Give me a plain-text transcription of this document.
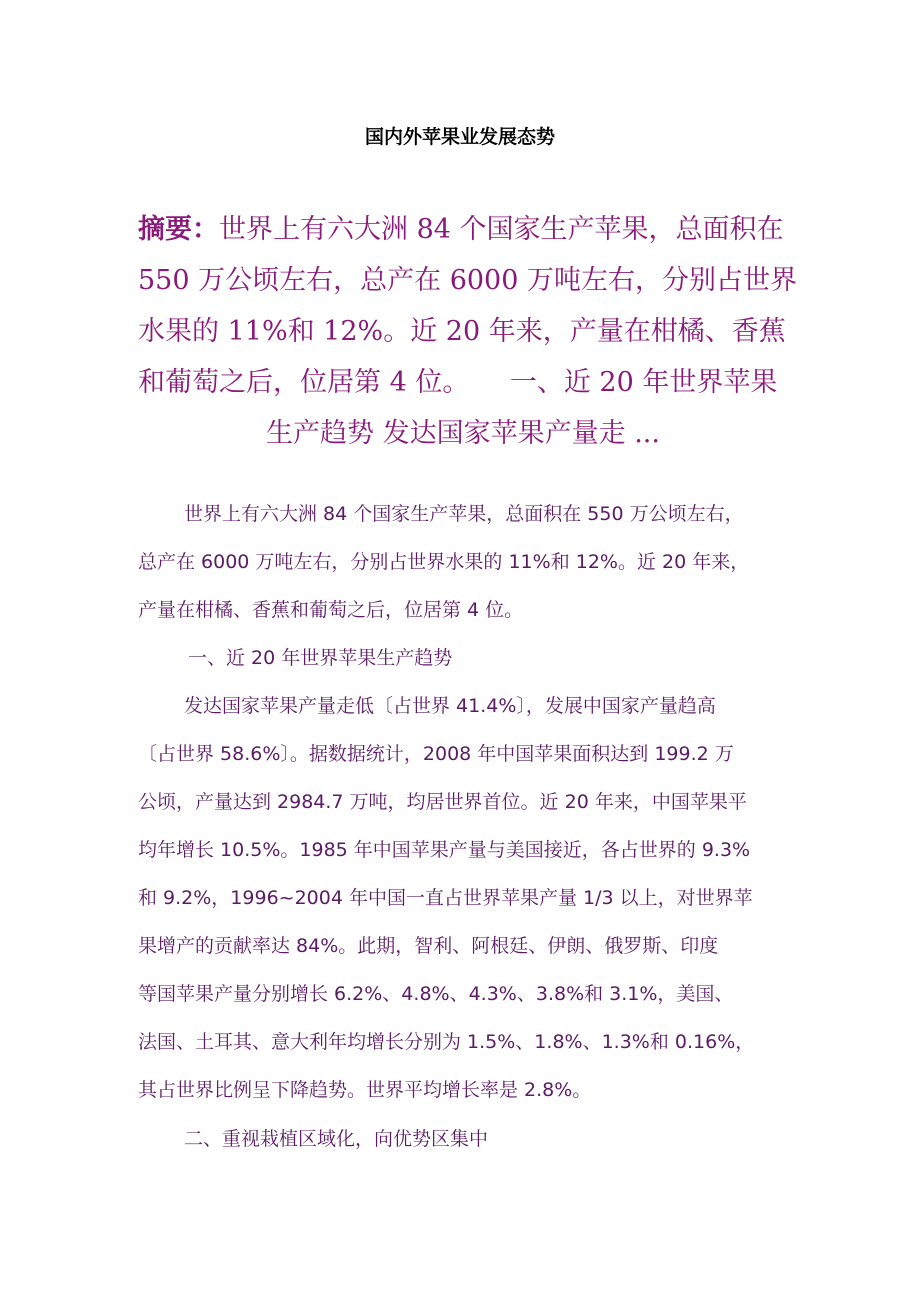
国内外苹果业发展态势
摘要：世界上有六大洲 84 个国家生产苹果，总面积在
550 万公顷左右，总产在 6000 万吨左右，分别占世界
水果的 11%和 12%。近 20 年来，产量在柑橘、香蕉
和葡萄之后，位居第 4 位。　　一、近 20 年世界苹果
生产趋势 发达国家苹果产量走 ...
世界上有六大洲 84 个国家生产苹果，总面积在 550 万公顷左右，
总产在 6000 万吨左右，分别占世界水果的 11%和 12%。近 20 年来，
产量在柑橘、香蕉和葡萄之后，位居第 4 位。
一、近 20 年世界苹果生产趋势
发达国家苹果产量走低〔占世界 41.4%〕，发展中国家产量趋高
〔占世界 58.6%〕。据数据统计，2008 年中国苹果面积达到 199.2 万
公顷，产量达到 2984.7 万吨，均居世界首位。近 20 年来，中国苹果平
均年增长 10.5%。1985 年中国苹果产量与美国接近，各占世界的 9.3%
和 9.2%，1996~2004 年中国一直占世界苹果产量 1/3 以上，对世界苹
果增产的贡献率达 84%。此期，智利、阿根廷、伊朗、俄罗斯、印度
等国苹果产量分别增长 6.2%、4.8%、4.3%、3.8%和 3.1%，美国、
法国、土耳其、意大利年均增长分别为 1.5%、1.8%、1.3%和 0.16%，
其占世界比例呈下降趋势。世界平均增长率是 2.8%。
二、重视栽植区域化，向优势区集中
